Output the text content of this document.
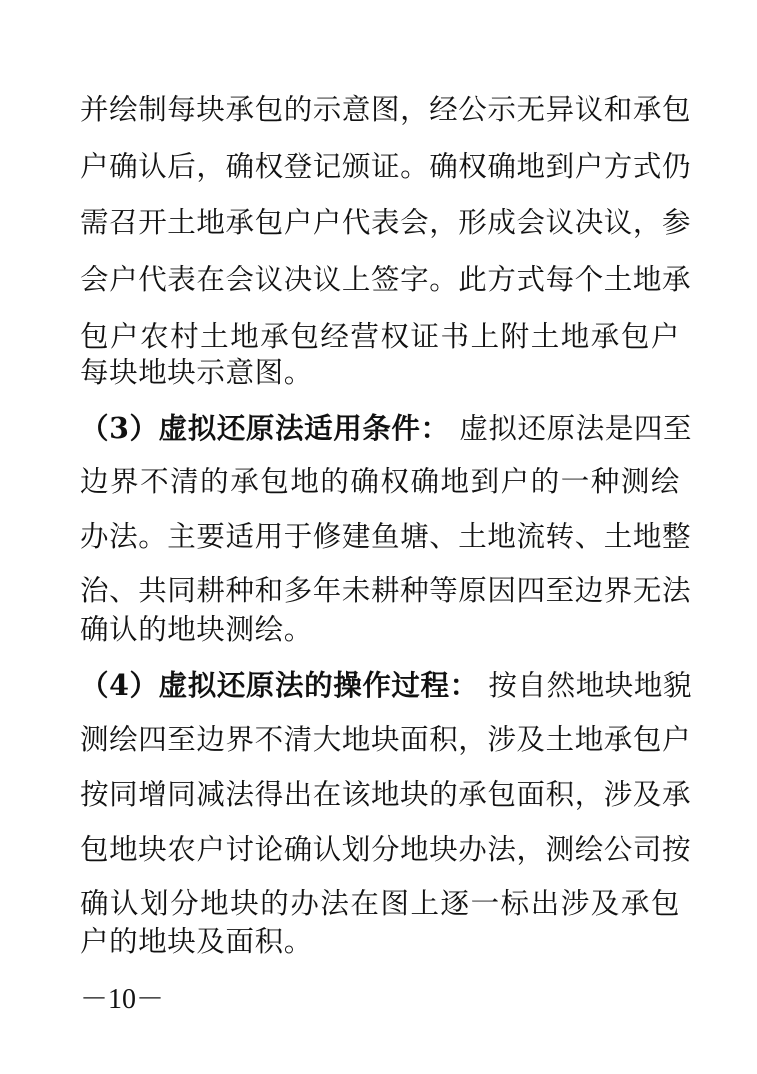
并绘制每块承包的示意图，经公示无异议和承包
户确认后，确权登记颁证。确权确地到户方式仍
需召开土地承包户户代表会，形成会议决议，参
会户代表在会议决议上签字。此方式每个土地承
包户农村土地承包经营权证书上附土地承包户
每块地块示意图。
（3）虚拟还原法适用条件： 虚拟还原法是四至
边界不清的承包地的确权确地到户的一种测绘
办法。主要适用于修建鱼塘、土地流转、土地整
治、共同耕种和多年未耕种等原因四至边界无法
确认的地块测绘。
（4）虚拟还原法的操作过程： 按自然地块地貌
测绘四至边界不清大地块面积，涉及土地承包户
按同增同减法得出在该地块的承包面积，涉及承
包地块农户讨论确认划分地块办法，测绘公司按
确认划分地块的办法在图上逐一标出涉及承包
户的地块及面积。
－10－
